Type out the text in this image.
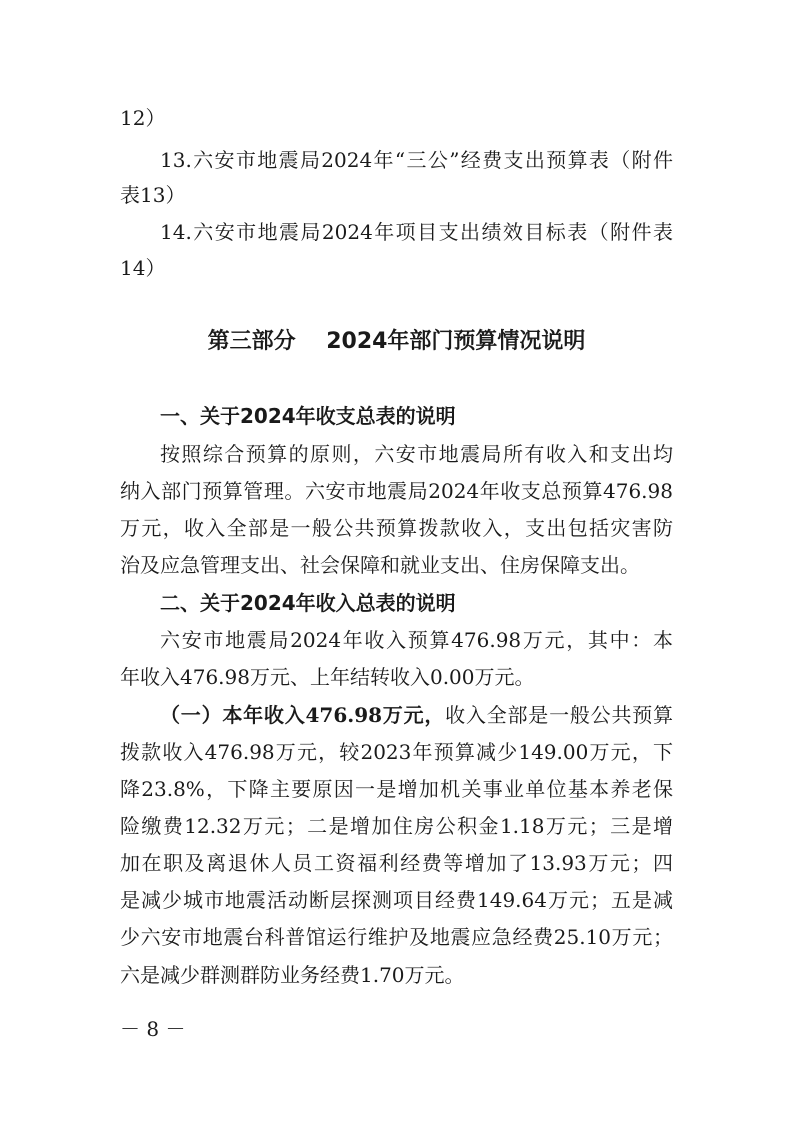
12）
13.六安市地震局2024年“三公”经费支出预算表（附件
表13）
14.六安市地震局2024年项目支出绩效目标表（附件表
14）
第三部分    2024年部门预算情况说明
一、关于2024年收支总表的说明
按照综合预算的原则，六安市地震局所有收入和支出均
纳入部门预算管理。六安市地震局2024年收支总预算476.98
万元，收入全部是一般公共预算拨款收入，支出包括灾害防
治及应急管理支出、社会保障和就业支出、住房保障支出。
二、关于2024年收入总表的说明
六安市地震局2024年收入预算476.98万元，其中：本
年收入476.98万元、上年结转收入0.00万元。
（一）本年收入476.98万元，收入全部是一般公共预算
拨款收入476.98万元，较2023年预算减少149.00万元，下
降23.8%，下降主要原因一是增加机关事业单位基本养老保
险缴费12.32万元；二是增加住房公积金1.18万元；三是增
加在职及离退休人员工资福利经费等增加了13.93万元；四
是减少城市地震活动断层探测项目经费149.64万元；五是减
少六安市地震台科普馆运行维护及地震应急经费25.10万元；
六是减少群测群防业务经费1.70万元。
－ 8 －
